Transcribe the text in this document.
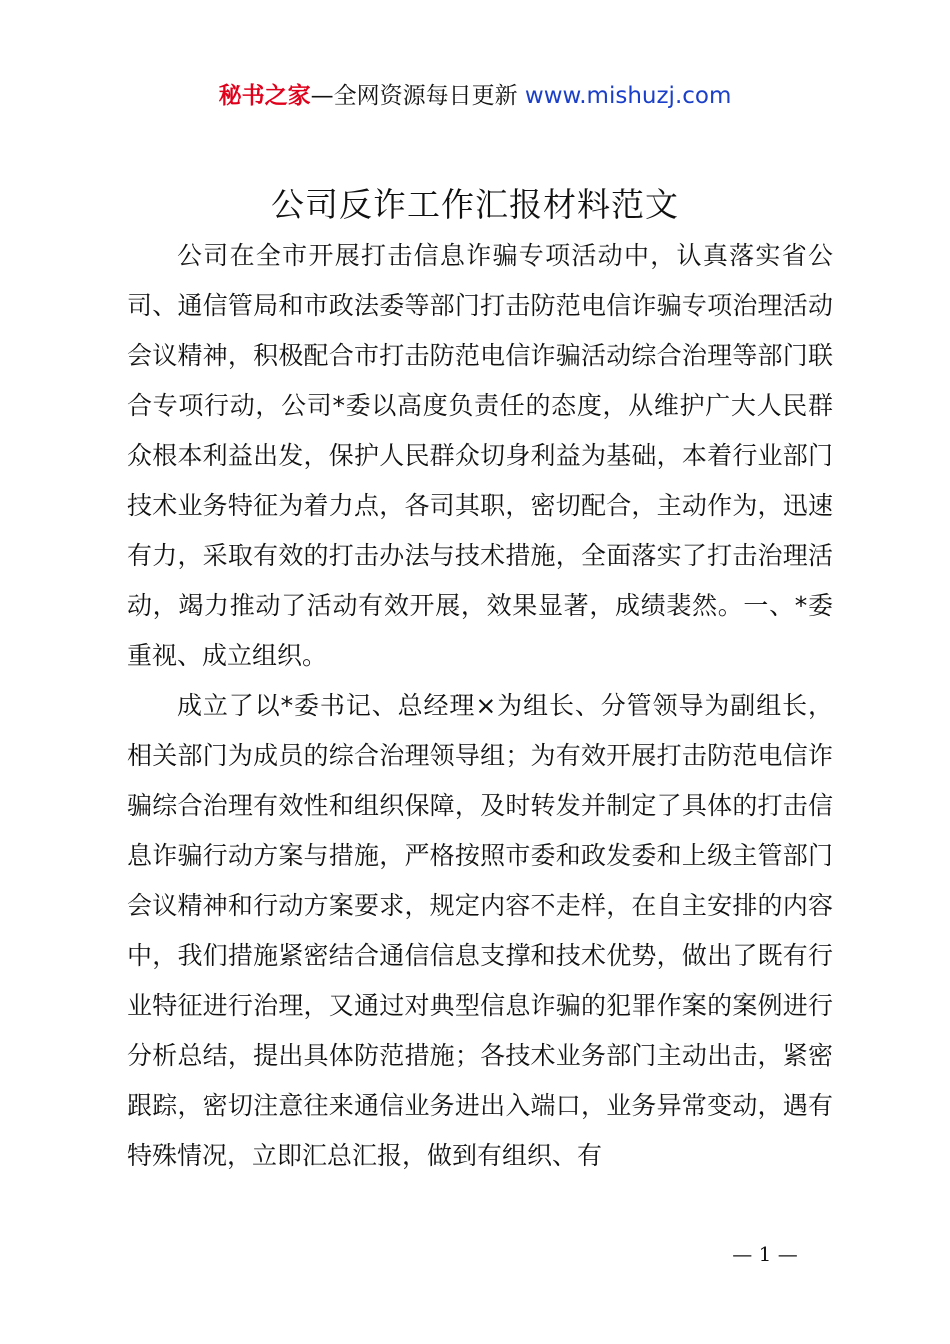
秘书之家—全网资源每日更新 www.mishuzj.com
公司反诈工作汇报材料范文

公司在全市开展打击信息诈骗专项活动中，认真落实省公司、通信管局和市政法委等部门打击防范电信诈骗专项治理活动会议精神，积极配合市打击防范电信诈骗活动综合治理等部门联合专项行动，公司*委以高度负责任的态度，从维护广大人民群众根本利益出发，保护人民群众切身利益为基础，本着行业部门技术业务特征为着力点，各司其职，密切配合，主动作为，迅速有力，采取有效的打击办法与技术措施，全面落实了打击治理活动，竭力推动了活动有效开展，效果显著，成绩裴然。一、*委重视、成立组织。

成立了以*委书记、总经理×为组长、分管领导为副组长，相关部门为成员的综合治理领导组；为有效开展打击防范电信诈骗综合治理有效性和组织保障，及时转发并制定了具体的打击信息诈骗行动方案与措施，严格按照市委和政发委和上级主管部门会议精神和行动方案要求，规定内容不走样，在自主安排的内容中，我们措施紧密结合通信信息支撑和技术优势，做出了既有行业特征进行治理，又通过对典型信息诈骗的犯罪作案的案例进行分析总结，提出具体防范措施；各技术业务部门主动出击，紧密跟踪，密切注意往来通信业务进出入端口，业务异常变动，遇有特殊情况，立即汇总汇报，做到有组织、有

— 1 —
